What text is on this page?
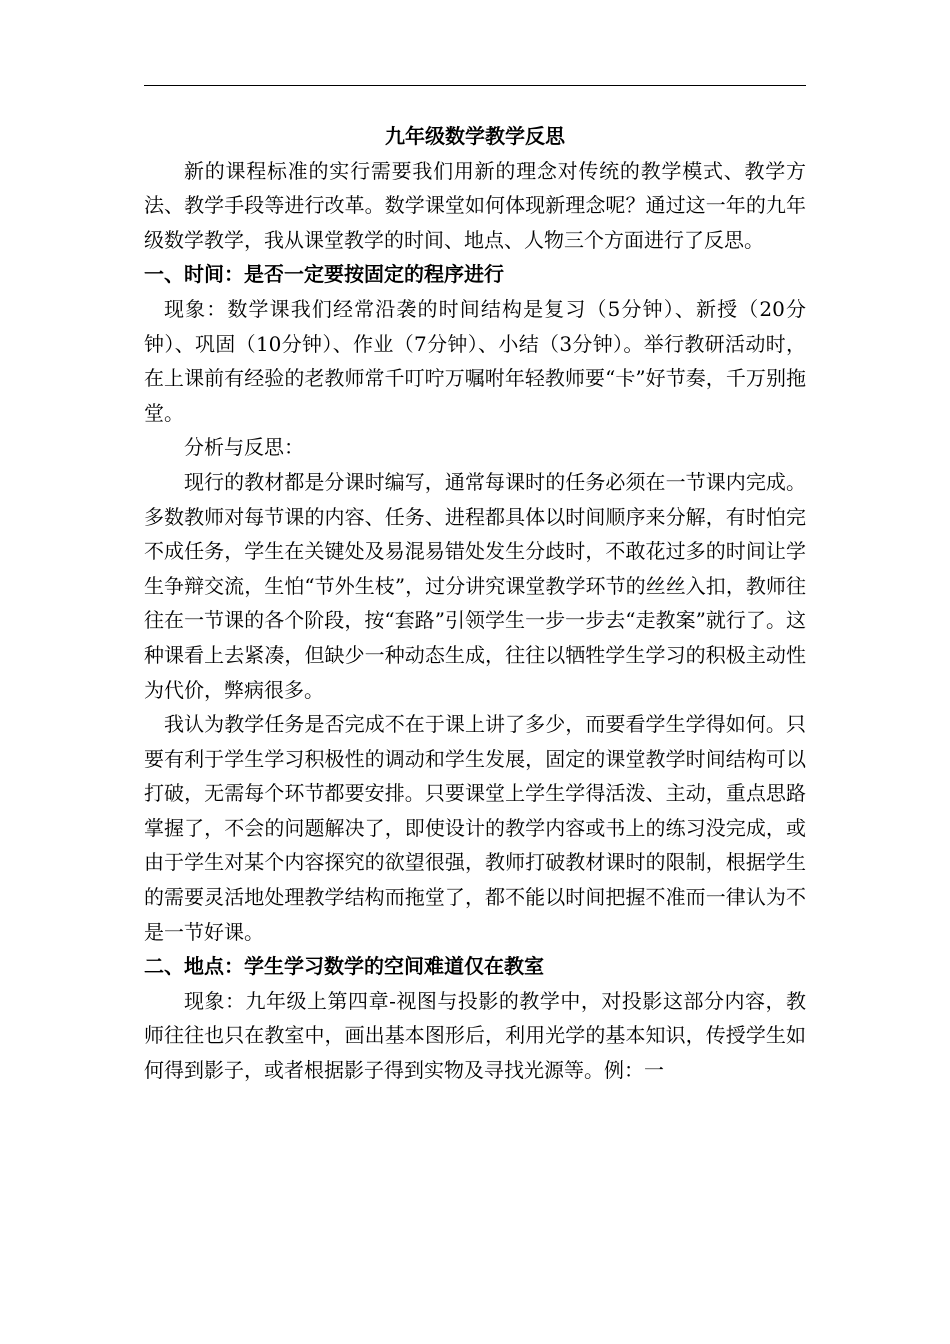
九年级数学教学反思

新的课程标准的实行需要我们用新的理念对传统的教学模式、教学方法、教学手段等进行改革。数学课堂如何体现新理念呢？通过这一年的九年级数学教学，我从课堂教学的时间、地点、人物三个方面进行了反思。

一、时间：是否一定要按固定的程序进行

现象：数学课我们经常沿袭的时间结构是复习（5分钟）、新授（20分钟）、巩固（10分钟）、作业（7分钟）、小结（3分钟）。举行教研活动时，在上课前有经验的老教师常千叮咛万嘱咐年轻教师要“卡”好节奏，千万别拖堂。

分析与反思：

现行的教材都是分课时编写，通常每课时的任务必须在一节课内完成。多数教师对每节课的内容、任务、进程都具体以时间顺序来分解，有时怕完不成任务，学生在关键处及易混易错处发生分歧时，不敢花过多的时间让学生争辩交流，生怕“节外生枝”，过分讲究课堂教学环节的丝丝入扣，教师往往在一节课的各个阶段，按“套路”引领学生一步一步去“走教案”就行了。这种课看上去紧凑，但缺少一种动态生成，往往以牺牲学生学习的积极主动性为代价，弊病很多。

我认为教学任务是否完成不在于课上讲了多少，而要看学生学得如何。只要有利于学生学习积极性的调动和学生发展，固定的课堂教学时间结构可以打破，无需每个环节都要安排。只要课堂上学生学得活泼、主动，重点思路掌握了，不会的问题解决了，即使设计的教学内容或书上的练习没完成，或由于学生对某个内容探究的欲望很强，教师打破教材课时的限制，根据学生的需要灵活地处理教学结构而拖堂了，都不能以时间把握不准而一律认为不是一节好课。

二、地点：学生学习数学的空间难道仅在教室

现象：九年级上第四章-视图与投影的教学中，对投影这部分内容，教师往往也只在教室中，画出基本图形后，利用光学的基本知识，传授学生如何得到影子，或者根据影子得到实物及寻找光源等。例：一
